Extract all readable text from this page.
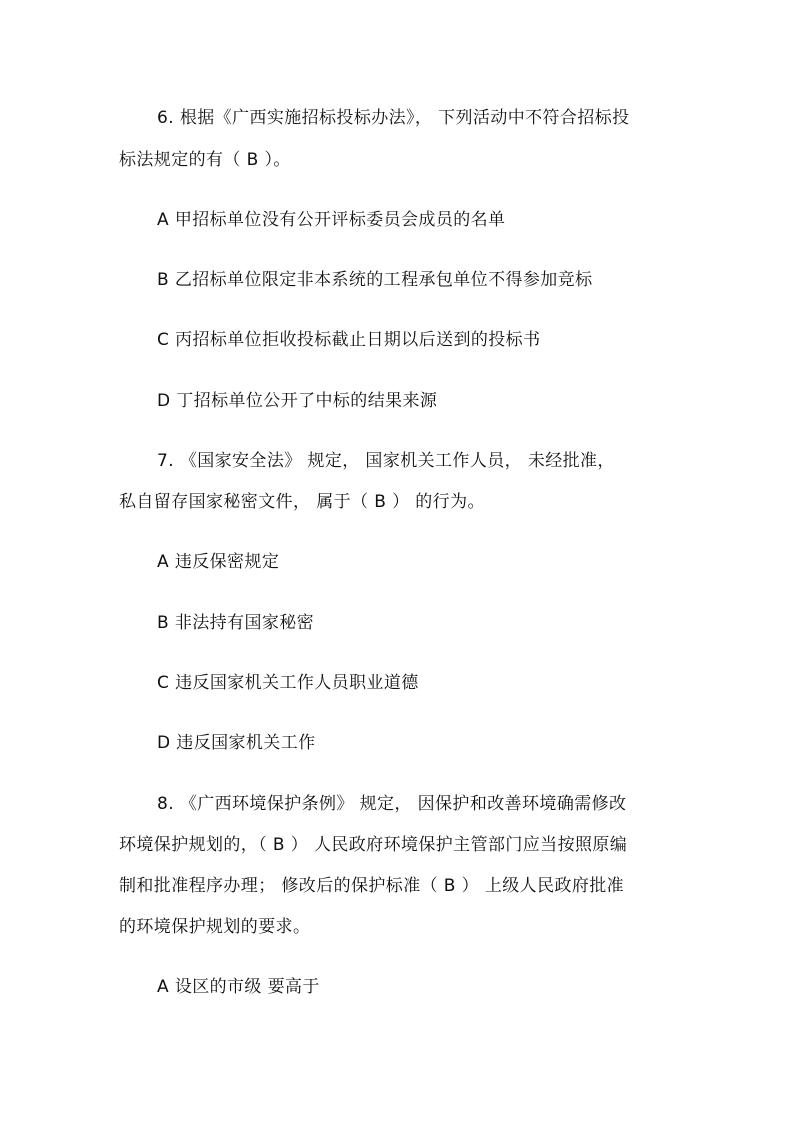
6. 根据《广西实施招标投标办法》， 下列活动中不符合招标投
标法规定的有（ B ）。
A 甲招标单位没有公开评标委员会成员的名单
B 乙招标单位限定非本系统的工程承包单位不得参加竞标
C 丙招标单位拒收投标截止日期以后送到的投标书
D 丁招标单位公开了中标的结果来源
7. 《国家安全法》 规定， 国家机关工作人员， 未经批准，
私自留存国家秘密文件， 属于（ B ） 的行为。
A 违反保密规定
B 非法持有国家秘密
C 违反国家机关工作人员职业道德
D 违反国家机关工作
8. 《广西环境保护条例》 规定， 因保护和改善环境确需修改
环境保护规划的，（ B ） 人民政府环境保护主管部门应当按照原编
制和批准程序办理； 修改后的保护标准（ B ） 上级人民政府批准
的环境保护规划的要求。
A 设区的市级 要高于
